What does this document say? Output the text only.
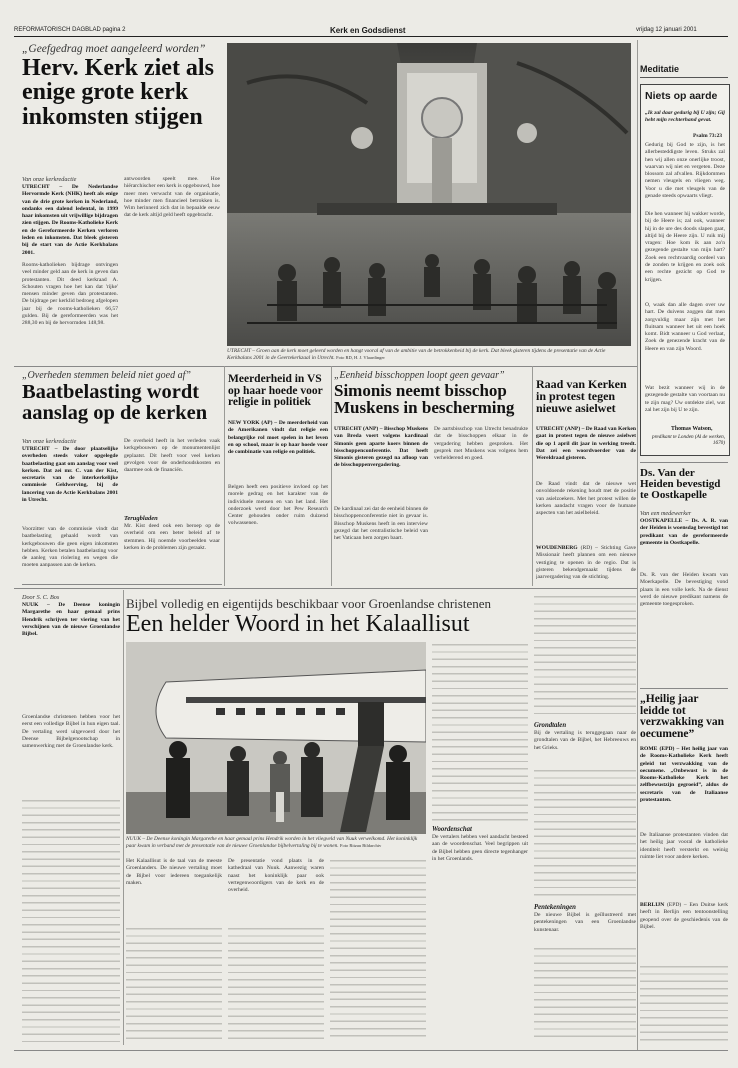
REFORMATORISCH DAGBLAD pagina 2	Kerk en Godsdienst	vrijdag 12 januari 2001
„Geefgedrag moet aangeleerd worden”
Herv. Kerk ziet als enige grote kerk inkomsten stijgen
Van onze kerkredactie
UTRECHT – De Nederlandse Hervormde Kerk (NHK) heeft als enige van de drie grote kerken in Nederland, ondanks een dalend ledental, in 1999 haar inkomsten uit vrijwillige bijdragen zien stijgen. De Rooms-Katholieke Kerk en de Gereformeerde Kerken verloren leden en inkomsten. Dat bleek gisteren bij de start van de Actie Kerkbalans 2001.
Rooms-katholieken bijdrage ontvingen veel minder geld aan de kerk in geven dan protestanten. Dit deed kerkraad A. Schouten vragen hoe het kan dat 'rijke' mensen minder geven dan protestanten. De bijdrage per kerklid bedroeg afgelopen jaar bij de rooms-katholieken 66,57 gulden. Bij de gereformeerden was het 288,30 en bij de hervormden 148,98.
antwoorden speelt mee. Hoe hiërarchischer een kerk is opgebouwd, hoe meer men verwacht van de organisatie, hoe minder men financieel betrokken is. Wim herinnerd zich dat in bepaalde eeuw dat de kerk altijd geld heeft opgebracht.
UTRECHT – Groen aan de kerk moet geleerd worden en hangt vooral af van de ambitie van de betrokkenheid bij de kerk. Dat bleek gisteren tijdens de presentatie van de Actie Kerkbalans 2001 in de Geertekerkzaal in Utrecht. Foto RD, H. J. Vlaardinger
Meditatie
Niets op aarde
„Ik zal daar gedurig bij U zijn; Gij hebt mijn rechterhand gevat.
Psalm 73:23
Gedurig bij God te zijn, is het allerbesteddigste leven. Struks zal hen wij allen onze onerlijke troost, waarvan wij niet en vergeten. Deze blossom zal afvallen. Rijkdommen nemen vleugels en vliegen weg. Voor u die met vleugels van de genade steeds opwaarts vliegt.
Die hen wanneer hij wakker worde, bij de Heere is; zal ook, wanneer hij in de ure des doods slapen gaat, altijd bij de Heere zijn. U ruik mij vragen: Hoe kom ik aan zo'n gezegende gestalte van mijn hart? Zoek een rechtvaardig oordeel van de zonden te krijgen en zoek ook een rechte gezicht op God te krijgen.
O, waak dan alle dagen over uw hart. De duivens zoggen dat men zorgvuldig maar zijn met het fluitsam wanneer het uit een hoek komt. Bidt wanneer u God verlaat, Zoek de genezende kracht van de Heere en van zijn Woord.
Wat bezit wanneer wij in de gezegende gestalte van voortaan nu te zijn mag? Uw ontdekte ziel, wat zal het zijn bij U te zijn.
Thomas Watson,
predikant te Londen (Al de werken, 1670)
„Overheden stemmen beleid niet goed af”
Baatbelasting wordt aanslag op de kerken
Van onze kerkredactie
UTRECHT – De door plaatselijke overheden steeds vaker opgelegde baatbelasting gaat om aanslag voor veel kerken. Dat zei mr. C. van der Kist, secretaris van de interkerkelijke commissie Geldwerving, bij de lancering van de Actie Kerkbalans 2001 in Utrecht.
Voorzitter van de commissie vindt dat baatbelasting gehaald wordt van kerkgebouwen die geen eigen inkomsten hebben. Kerken betalen baatbelasting voor de aanleg van riolering en wegen die moeten aanpassen aan de kerken.
De overheid heeft in het verleden vaak kerkgebouwen op de monumentenlijst geplaatst. Dit heeft voor veel kerken gevolgen voor de onderhoudskosten en daarmee ook de financiën.
Terugbladen
Mr. Kist deed ook een beroep op de overheid om een beter beleid af te stemmen. Hij noemde voorbeelden waar kerken in de problemen zijn geraakt.
Meerderheid in VS op haar hoede voor religie in politiek
NEW YORK (AP) – De meerderheid van de Amerikanen vindt dat religie een belangrijke rol moet spelen in het leven en op school, maar is op haar hoede voor de combinatie van religie en politiek.
Belgen heeft een positieve invloed op het morele gedrag en het karakter van de individuele mensen en van het land. Het onderzoek werd door het Pew Research Center gehouden onder ruim duizend volwassenen.
„Eenheid bisschoppen loopt geen gevaar”
Simonis neemt bisschop Muskens in bescherming
UTRECHT (ANP) – Bisschop Muskens van Breda voert volgens kardinaal Simonis geen aparte koers binnen de bisschoppenconferentie. Dat heeft Simonis gisteren gezegd na afloop van de bisschoppenvergadering.
De kardinaal zei dat de eenheid binnen de bisschoppenconferentie niet in gevaar is. Bisschop Muskens heeft in een interview gezegd dat het centralistische beleid van het Vaticaan hem zorgen baart.
De aartsbisschop van Utrecht benadrukte dat de bisschoppen elkaar in de vergadering hebben gesproken. Het gesprek met Muskens was volgens hem verhelderend en goed.
Raad van Kerken in protest tegen nieuwe asielwet
UTRECHT (ANP) – De Raad van Kerken gaat in protest tegen de nieuwe asielwet die op 1 april dit jaar in werking treedt. Dat zei een woordvoerder van de Wereldraad gisteren.
De Raad vindt dat de nieuwe wet onvoldoende rekening houdt met de positie van asielzoekers. Met het protest willen de kerken aandacht vragen voor de humane aspecten van het asielbeleid.
WOUDENBERG (RD) – Stichting Gave Missionair heeft plannen om een nieuwe vestiging te openen in de regio. Dat is gisteren bekendgemaakt tijdens de jaarvergadering van de stichting.
Ds. Van der Heiden bevestigd te Oostkapelle
Van een medewerker
OOSTKAPELLE – Ds. A. R. van der Heiden is woensdag bevestigd tot predikant van de gereformeerde gemeente in Oostkapelle.
Ds. R. van der Heiden kwam van Moerkapelle. De bevestiging vond plaats in een volle kerk. Na de dienst werd de nieuwe predikant namens de gemeente toegesproken.
„Heilig jaar leidde tot verzwakking van oecumene”
ROME (EPD) – Het heilig jaar van de Rooms-Katholieke Kerk heeft geleid tot verzwakking van de oecumene. „Onbewust is in de Rooms-Katholieke Kerk het zelfbewustzijn gegroeid”, aldus de secretaris van de Italiaanse protestanten.
De Italiaanse protestanten vinden dat het heilig jaar vooral de katholieke identiteit heeft versterkt en weinig ruimte liet voor andere kerken.
BERLIJN (EPD) – Een Duitse kerk heeft in Berlijn een tentoonstelling geopend over de geschiedenis van de Bijbel.
Door S. C. Bos
NUUK – De Deense koningin Margarethe en haar gemaal prins Hendrik schrijven ter viering van het verschijnen van de nieuwe Groenlandse Bijbel.
Groenlandse christenen hebben voor het eerst een volledige Bijbel in hun eigen taal. De vertaling werd uitgevoerd door het Deense Bijbelgenootschap in samenwerking met de Groenlandse kerk.
Bijbel volledig en eigentijds beschikbaar voor Groenlandse christenen
Een helder Woord in het Kalaallisut
NUUK – De Deense koningin Margarethe en haar gemaal prins Hendrik worden in het vliegveld van Nuuk verwelkomd. Het koninklijk paar kwam in verband met de presentatie van de nieuwe Groenlandse bijbelvertaling bij te wonen. Foto Ritzau Bildarchiv
Het Kalaallisut is de taal van de meeste Groenlanders. De nieuwe vertaling moet de Bijbel voor iedereen toegankelijk maken.
De presentatie vond plaats in de kathedraal van Nuuk. Aanwezig waren naast het koninklijk paar ook vertegenwoordigers van de kerk en de overheid.
Woordenschat
De vertalers hebben veel aandacht besteed aan de woordenschat. Veel begrippen uit de Bijbel hebben geen directe tegenhanger in het Groenlands.
Grondtalen
Bij de vertaling is teruggegaan naar de grondtalen van de Bijbel, het Hebreeuws en het Grieks.
Pentekeningen
De nieuwe Bijbel is geïllustreerd met pentekeningen van een Groenlandse kunstenaar.
